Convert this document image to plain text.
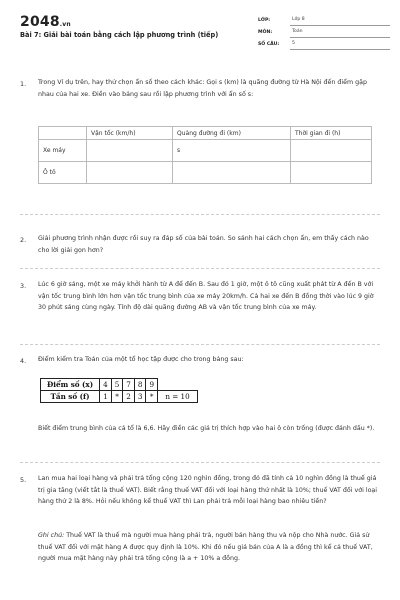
2048.vn
Bài 7: Giải bài toán bằng cách lập phương trình (tiếp)
LỚP:	Lớp 8
MÔN:	Toán
SỐ CÂU:	5
1. Trong Ví dụ trên, hay thử chọn ẩn số theo cách khác: Gọi s (km) là quãng đường từ Hà Nội đến điểm gặp nhau của hai xe. Điền vào bảng sau rồi lập phương trình với ẩn số s:
	Vận tốc (km/h)	Quảng đường đi (km)	Thời gian đi (h)
Xe máy		s	
Ô tô			
2. Giải phương trình nhận được rồi suy ra đáp số của bài toán. So sánh hai cách chọn ẩn, em thấy cách nào cho lời giải gọn hơn?
3. Lúc 6 giờ sáng, một xe máy khởi hành từ A để đến B. Sau đó 1 giờ, một ô tô cũng xuất phát từ A đến B với vận tốc trung bình lớn hơn vận tốc trung bình của xe máy 20km/h. Cả hai xe đến B đồng thời vào lúc 9 giờ 30 phút sáng cùng ngày. Tính độ dài quãng đường AB và vận tốc trung bình của xe máy.
4. Điểm kiểm tra Toán của một tổ học tập được cho trong bảng sau:
Điểm số (x)	4	5	7	8	9	
Tần số (f)	1	*	2	3	*	n = 10
Biết điểm trung bình của cả tổ là 6,6. Hãy điền các giá trị thích hợp vào hai ô còn trống (được đánh dấu *).
5. Lan mua hai loại hàng và phải trả tổng cộng 120 nghìn đồng, trong đó đã tính cả 10 nghìn đồng là thuế giá trị gia tăng (viết tắt là thuế VAT). Biết rằng thuế VAT đối với loại hàng thứ nhất là 10%; thuế VAT đối với loại hàng thứ 2 là 8%. Hỏi nếu không kể thuế VAT thì Lan phải trả mỗi loại hàng bao nhiêu tiền?
Ghi chú: Thuế VAT là thuế mà người mua hàng phải trả, người bán hàng thu và nộp cho Nhà nước. Giả sử thuế VAT đối với mặt hàng A được quy định là 10%. Khi đó nếu giá bán của A là a đồng thì kể cả thuế VAT, người mua mặt hàng này phải trả tổng cộng là a + 10% a đồng.
